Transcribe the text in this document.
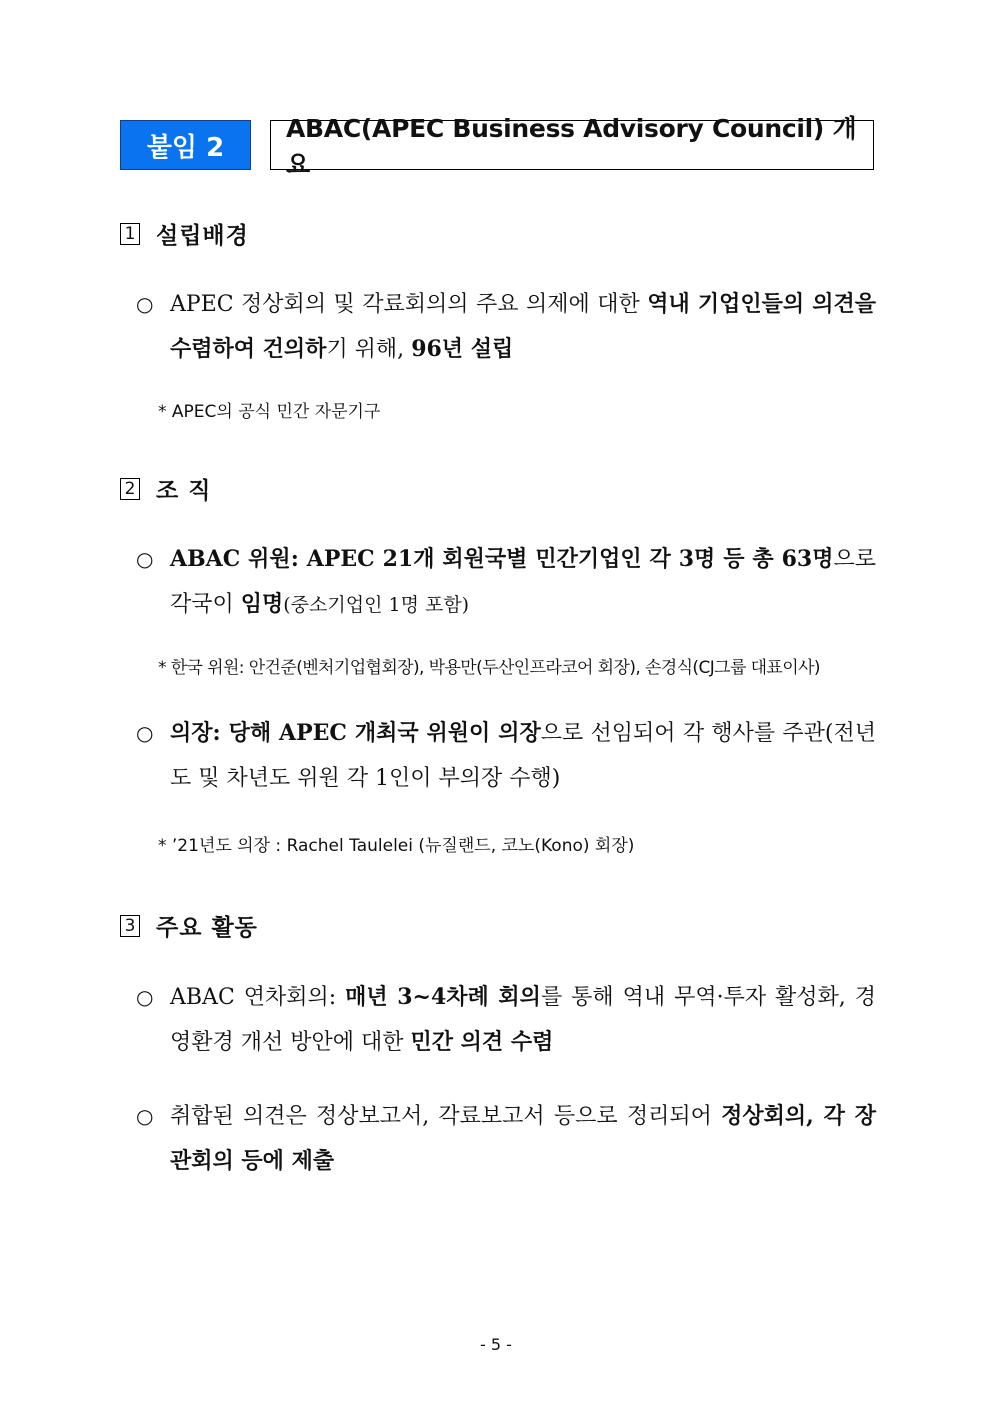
붙임 2
ABAC(APEC Business Advisory Council) 개요
1 설립배경
○ APEC 정상회의 및 각료회의의 주요 의제에 대한 역내 기업인들의 의견을 수렴하여 건의하기 위해, 96년 설립
* APEC의 공식 민간 자문기구
2 조 직
○ ABAC 위원: APEC 21개 회원국별 민간기업인 각 3명 등 총 63명으로 각국이 임명(중소기업인 1명 포함)
* 한국 위원: 안건준(벤처기업협회장), 박용만(두산인프라코어 회장), 손경식(CJ그룹 대표이사)
○ 의장: 당해 APEC 개최국 위원이 의장으로 선임되어 각 행사를 주관(전년도 및 차년도 위원 각 1인이 부의장 수행)
* ’21년도 의장 : Rachel Taulelei (뉴질랜드, 코노(Kono) 회장)
3 주요 활동
○ ABAC 연차회의: 매년 3~4차례 회의를 통해 역내 무역·투자 활성화, 경영환경 개선 방안에 대한 민간 의견 수렴
○ 취합된 의견은 정상보고서, 각료보고서 등으로 정리되어 정상회의, 각 장관회의 등에 제출
- 5 -
